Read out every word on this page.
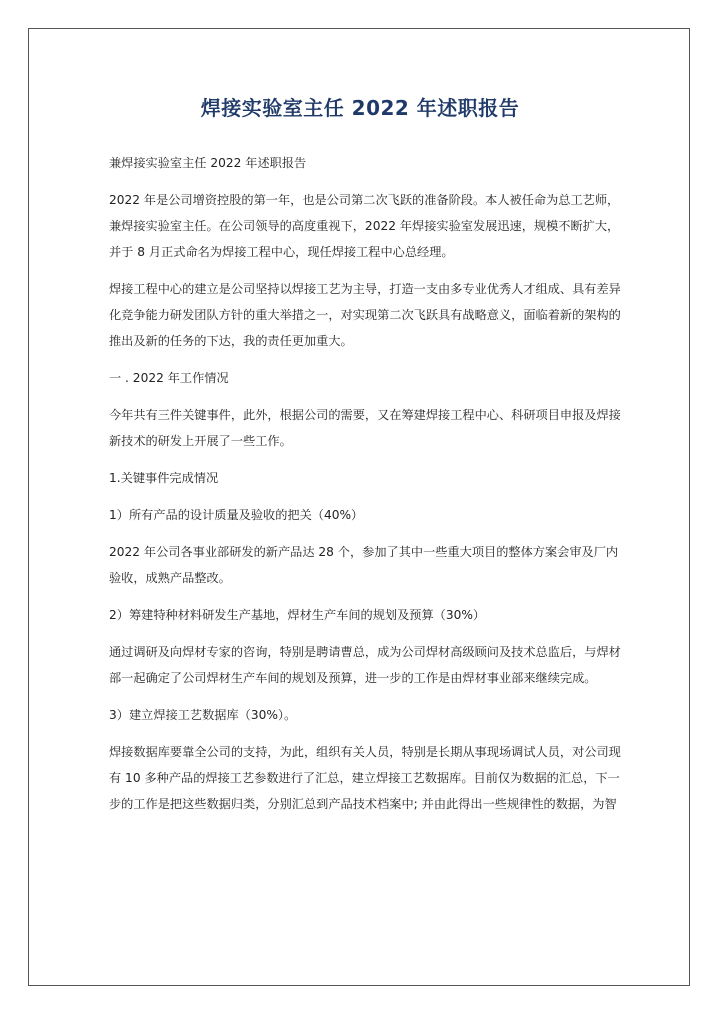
焊接实验室主任 2022 年述职报告

兼焊接实验室主任 2022 年述职报告

2022 年是公司增资控股的第一年，也是公司第二次飞跃的准备阶段。本人被任命为总工艺师，
兼焊接实验室主任。在公司领导的高度重视下，2022 年焊接实验室发展迅速，规模不断扩大，
并于 8 月正式命名为焊接工程中心，现任焊接工程中心总经理。

焊接工程中心的建立是公司坚持以焊接工艺为主导，打造一支由多专业优秀人才组成、具有差异
化竞争能力研发团队方针的重大举措之一，对实现第二次飞跃具有战略意义，面临着新的架构的
推出及新的任务的下达，我的责任更加重大。

一 . 2022 年工作情况

今年共有三件关键事件，此外，根据公司的需要，又在筹建焊接工程中心、科研项目申报及焊接
新技术的研发上开展了一些工作。

1.关键事件完成情况

1）所有产品的设计质量及验收的把关（40%）

2022 年公司各事业部研发的新产品达 28 个，参加了其中一些重大项目的整体方案会审及厂内
验收，成熟产品整改。

2）筹建特种材料研发生产基地，焊材生产车间的规划及预算（30%）

通过调研及向焊材专家的咨询，特别是聘请曹总，成为公司焊材高级顾问及技术总监后，与焊材
部一起确定了公司焊材生产车间的规划及预算，进一步的工作是由焊材事业部来继续完成。

3）建立焊接工艺数据库（30%）。

焊接数据库要靠全公司的支持，为此，组织有关人员，特别是长期从事现场调试人员，对公司现
有 10 多种产品的焊接工艺参数进行了汇总，建立焊接工艺数据库。目前仅为数据的汇总，下一
步的工作是把这些数据归类，分别汇总到产品技术档案中; 并由此得出一些规律性的数据，为智
